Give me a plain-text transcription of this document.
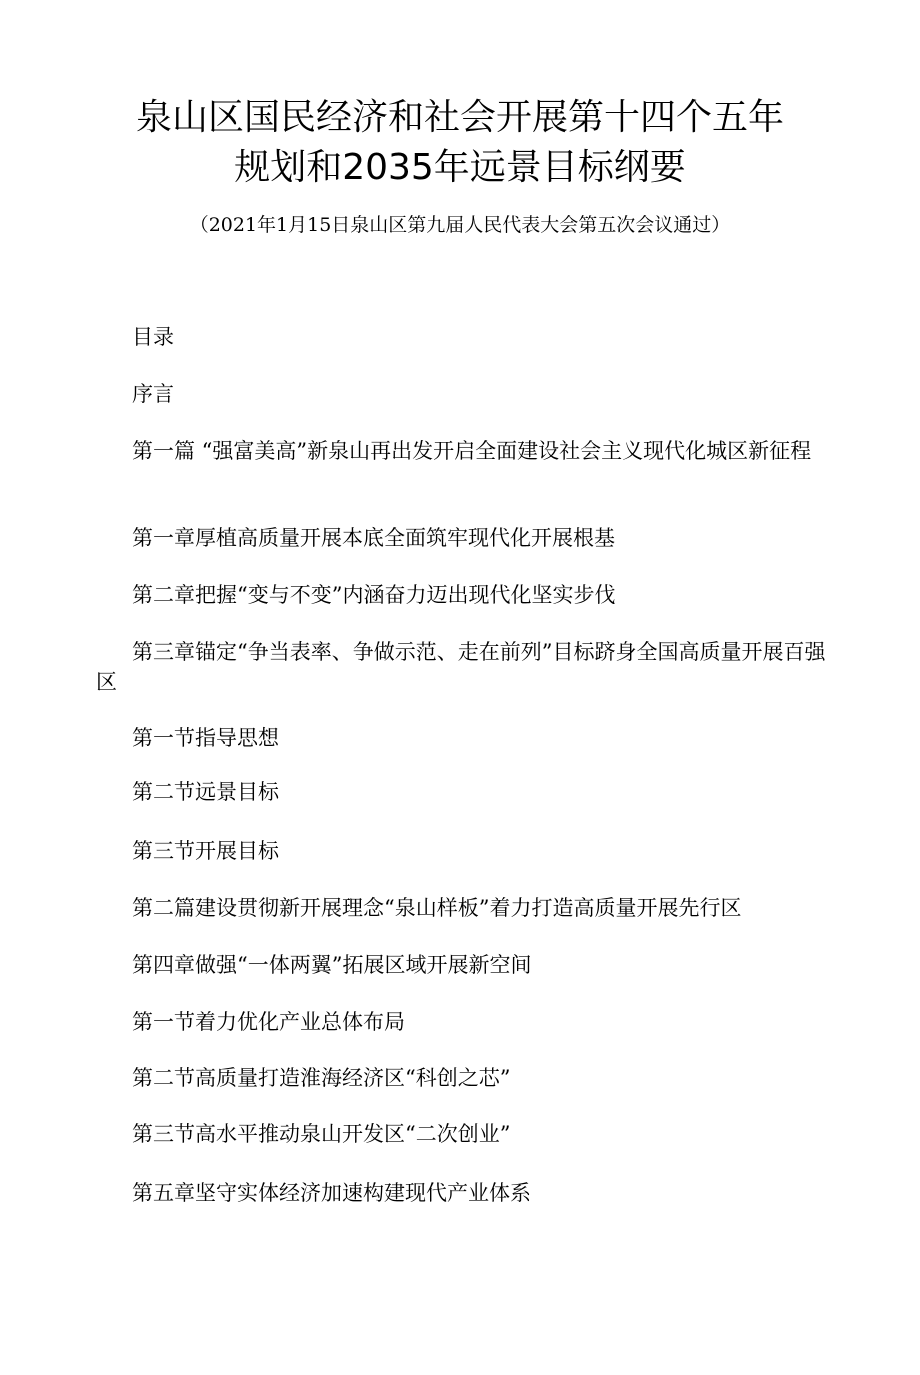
泉山区国民经济和社会开展第十四个五年
规划和2035年远景目标纲要
（2021年1月15日泉山区第九届人民代表大会第五次会议通过）
目录
序言
第一篇 “强富美高”新泉山再出发开启全面建设社会主义现代化城区新征程
第一章厚植高质量开展本底全面筑牢现代化开展根基
第二章把握“变与不变”内涵奋力迈出现代化坚实步伐
第三章锚定“争当表率、争做示范、走在前列”目标跻身全国高质量开展百强区
第一节指导思想
第二节远景目标
第三节开展目标
第二篇建设贯彻新开展理念“泉山样板”着力打造高质量开展先行区
第四章做强“一体两翼”拓展区域开展新空间
第一节着力优化产业总体布局
第二节高质量打造淮海经济区“科创之芯”
第三节高水平推动泉山开发区“二次创业”
第五章坚守实体经济加速构建现代产业体系
